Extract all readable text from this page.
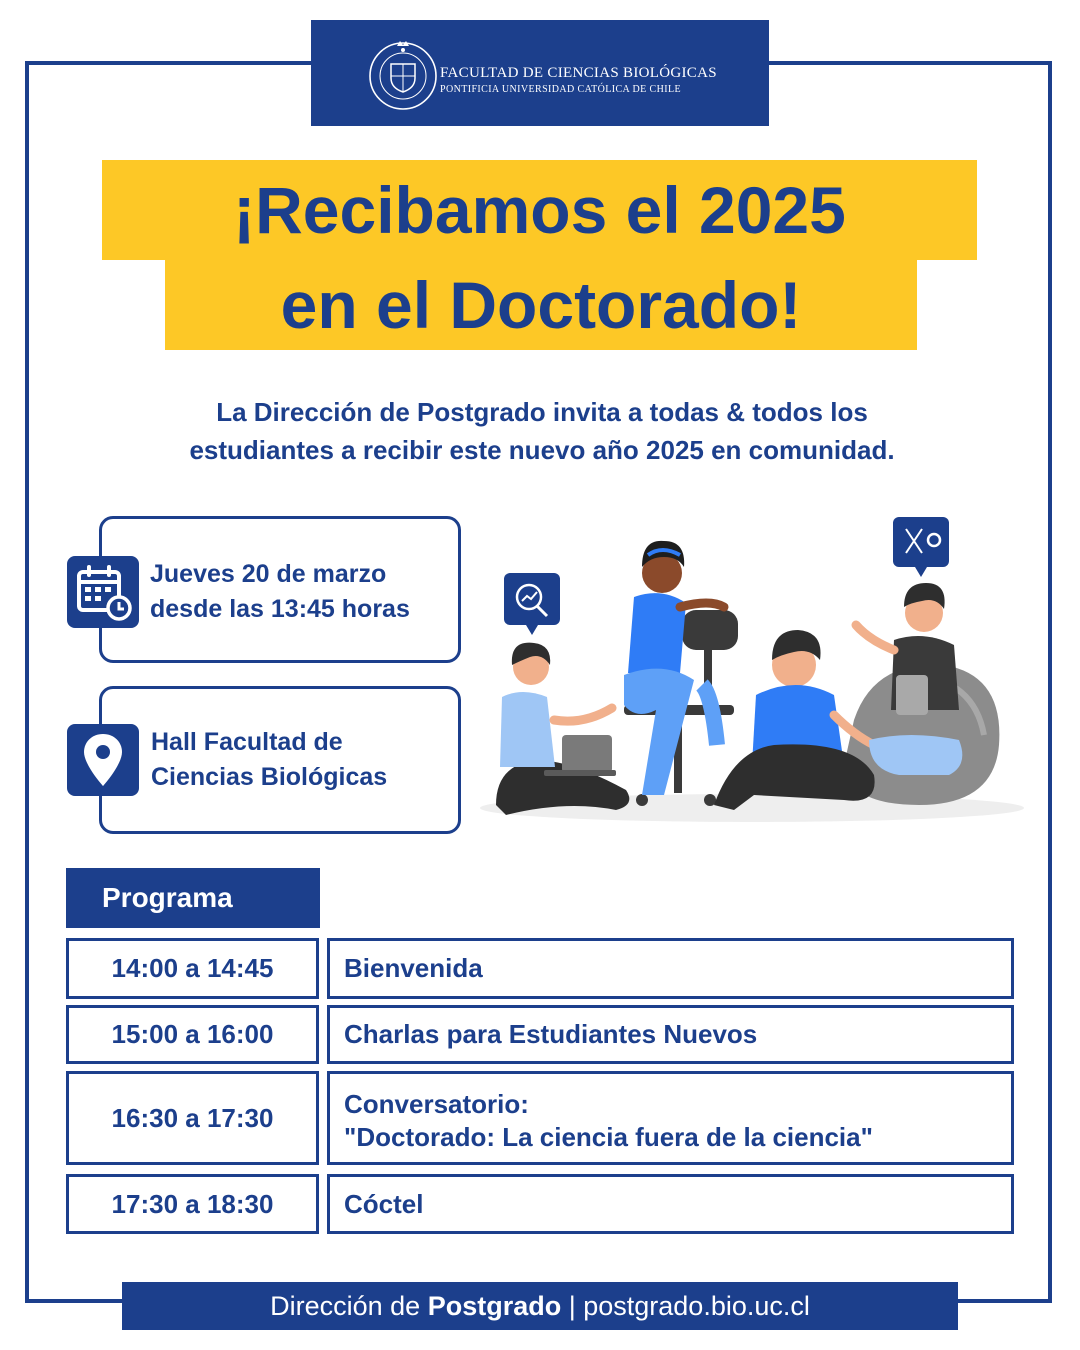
FACULTAD DE CIENCIAS BIOLÓGICAS
PONTIFICIA UNIVERSIDAD CATÓLICA DE CHILE
¡Recibamos el 2025
en el Doctorado!
La Dirección de Postgrado invita a todas & todos los
estudiantes a recibir este nuevo año 2025 en comunidad.
Jueves 20 de marzo
desde las 13:45 horas
Hall Facultad de
Ciencias Biológicas
Programa
14:00 a 14:45	Bienvenida
15:00 a 16:00	Charlas para Estudiantes Nuevos
16:30 a 17:30	Conversatorio:
"Doctorado: La ciencia fuera de la ciencia"
17:30 a 18:30	Cóctel
Dirección de Postgrado | postgrado.bio.uc.cl
